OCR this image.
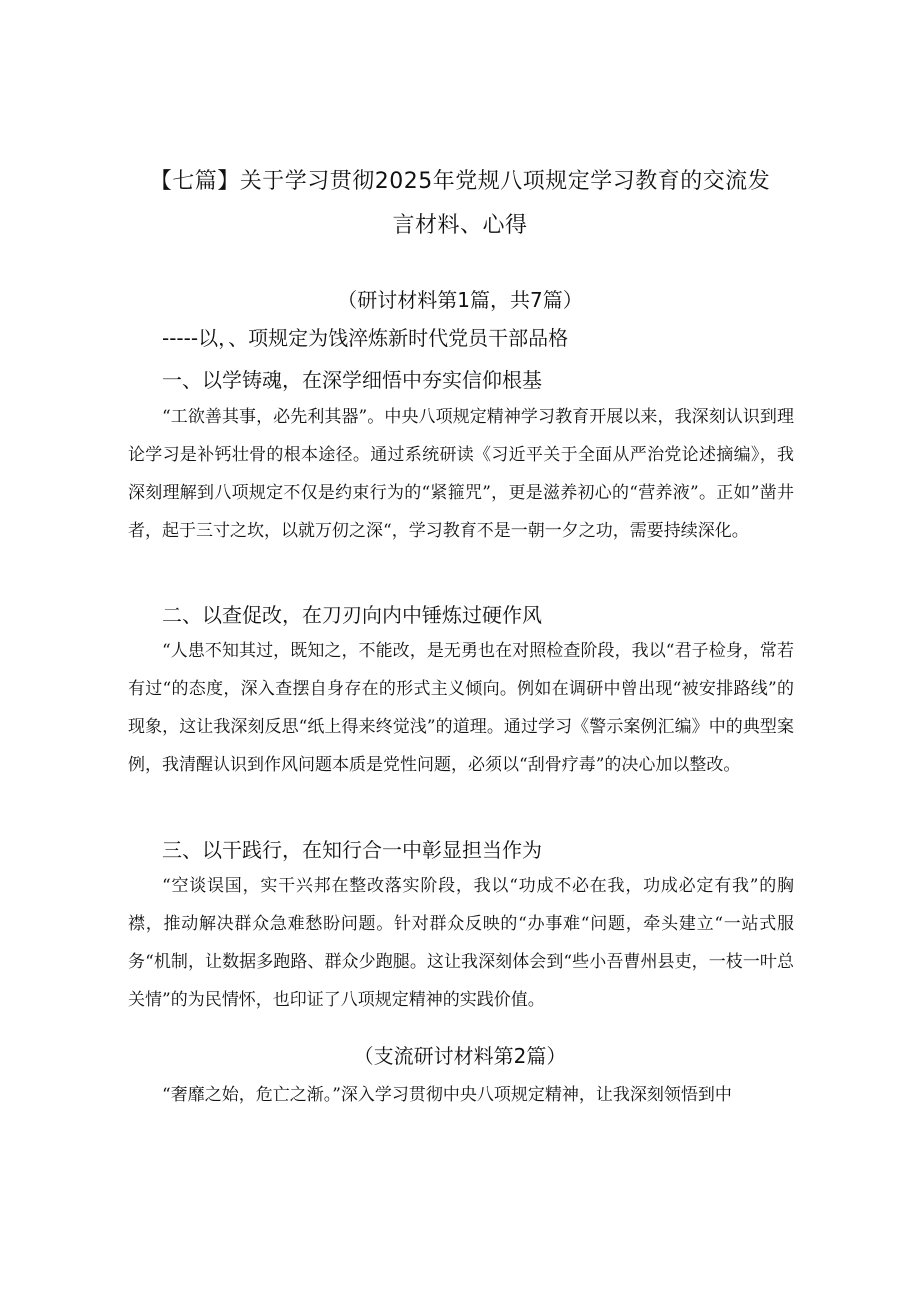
【七篇】关于学习贯彻2025年党规八项规定学习教育的交流发
言材料、心得
（研讨材料第1篇，共7篇）
-----以，、项规定为饯淬炼新时代党员干部品格
一、以学铸魂，在深学细悟中夯实信仰根基

“工欲善其事，必先利其器”。中央八项规定精神学习教育开展以来，我深刻认识到理论学习是补钙壮骨的根本途径。通过系统研读《习近平关于全面从严治党论述摘编》，我深刻理解到八项规定不仅是约束行为的“紧箍咒”，更是滋养初心的“营养液”。正如”凿井者，起于三寸之坎，以就万仞之深“，学习教育不是一朝一夕之功，需要持续深化。

二、以查促改，在刀刃向内中锤炼过硬作风

“人患不知其过，既知之，不能改，是无勇也在对照检查阶段，我以“君子检身，常若有过“的态度，深入查摆自身存在的形式主义倾向。例如在调研中曾出现“被安排路线”的现象，这让我深刻反思“纸上得来终觉浅”的道理。通过学习《警示案例汇编》中的典型案例，我清醒认识到作风问题本质是党性问题，必须以“刮骨疗毒”的决心加以整改。

三、以干践行，在知行合一中彰显担当作为

“空谈误国，实干兴邦在整改落实阶段，我以“功成不必在我，功成必定有我”的胸襟，推动解决群众急难愁盼问题。针对群众反映的“办事难“问题，牵头建立“一站式服务“机制，让数据多跑路、群众少跑腿。这让我深刻体会到“些小吾曹州县吏，一枝一叶总关情”的为民情怀，也印证了八项规定精神的实践价值。

（支流研讨材料第2篇）

“奢靡之始，危亡之渐。”深入学习贯彻中央八项规定精神，让我深刻领悟到中
